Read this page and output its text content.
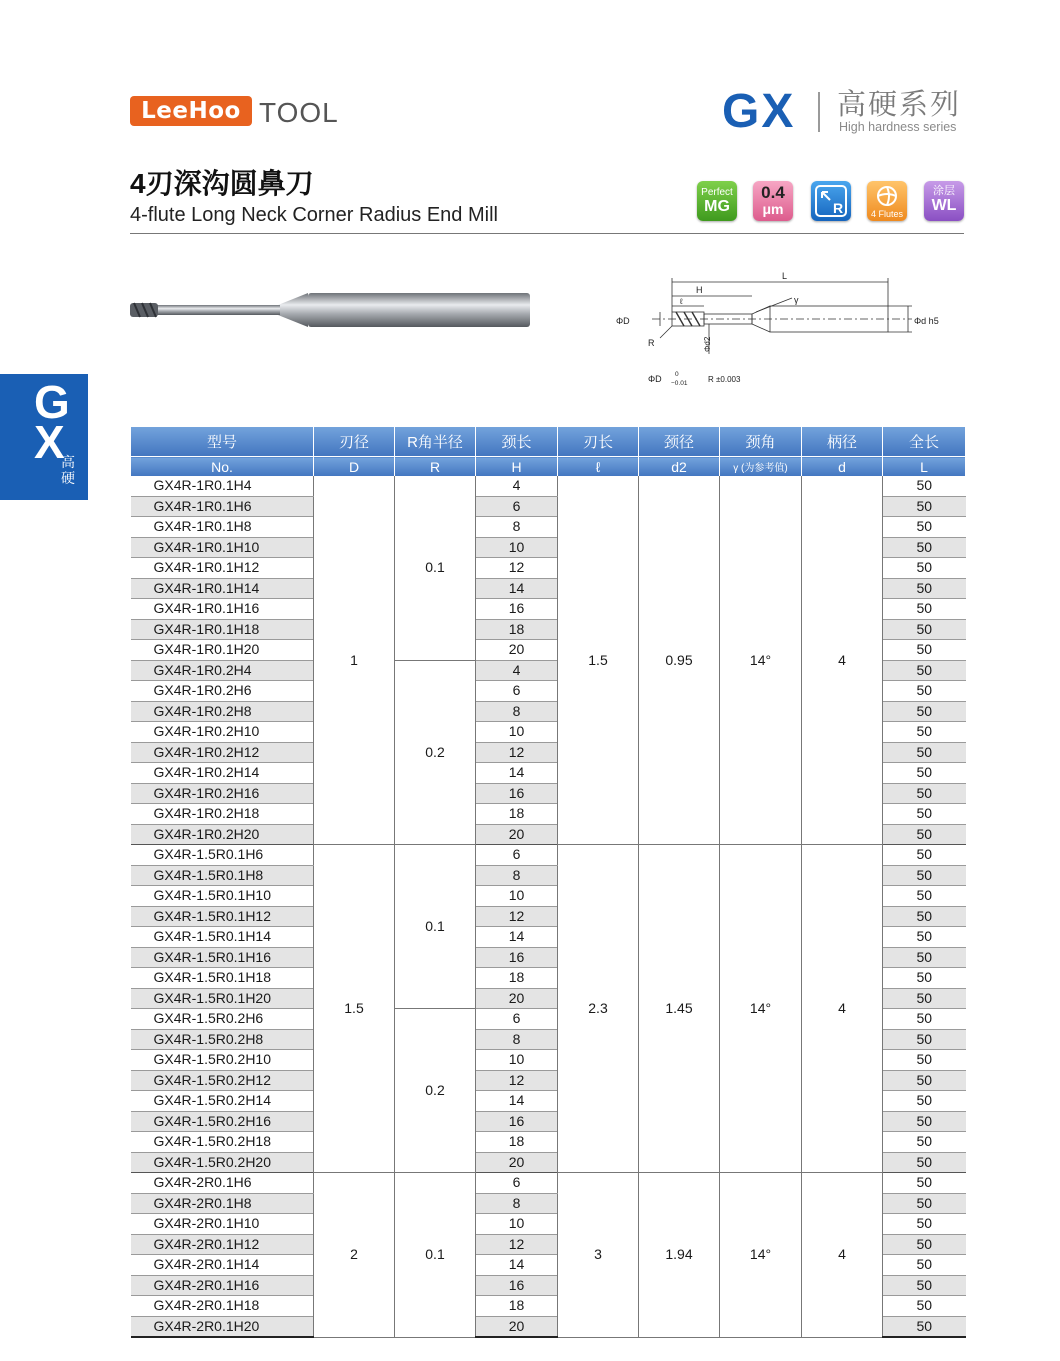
LeeHoo TOOL	GX 高硬系列
High hardness series
4刃深沟圆鼻刀
4-flute Long Neck Corner Radius End Mill
Perfect
MG
0.4
μm	R	4 Flutes
涂层
WL
L
H
ℓ	γ
ΦD
R	Φd2
Φd h5
ΦD 0
−0.01	R ±0.003
G
X
高硬
型号	刃径	R角半径	颈长	刃长	颈径	颈角	柄径	全长
No.	D	R	H	ℓ	d2	γ (为参考值)	d	L
GX4R-1R0.1H4	1	0.1	4	1.5	0.95	14°	4	50
GX4R-1R0.1H6			6					50
GX4R-1R0.1H8			8					50
GX4R-1R0.1H10			10					50
GX4R-1R0.1H12			12					50
GX4R-1R0.1H14			14					50
GX4R-1R0.1H16			16					50
GX4R-1R0.1H18			18					50
GX4R-1R0.1H20			20					50
GX4R-1R0.2H4		0.2	4					50
GX4R-1R0.2H6			6					50
GX4R-1R0.2H8			8					50
GX4R-1R0.2H10			10					50
GX4R-1R0.2H12			12					50
GX4R-1R0.2H14			14					50
GX4R-1R0.2H16			16					50
GX4R-1R0.2H18			18					50
GX4R-1R0.2H20			20					50
GX4R-1.5R0.1H6	1.5	0.1	6	2.3	1.45	14°	4	50
GX4R-1.5R0.1H8			8					50
GX4R-1.5R0.1H10			10					50
GX4R-1.5R0.1H12			12					50
GX4R-1.5R0.1H14			14					50
GX4R-1.5R0.1H16			16					50
GX4R-1.5R0.1H18			18					50
GX4R-1.5R0.1H20			20					50
GX4R-1.5R0.2H6		0.2	6					50
GX4R-1.5R0.2H8			8					50
GX4R-1.5R0.2H10			10					50
GX4R-1.5R0.2H12			12					50
GX4R-1.5R0.2H14			14					50
GX4R-1.5R0.2H16			16					50
GX4R-1.5R0.2H18			18					50
GX4R-1.5R0.2H20			20					50
GX4R-2R0.1H6	2	0.1	6	3	1.94	14°	4	50
GX4R-2R0.1H8			8					50
GX4R-2R0.1H10			10					50
GX4R-2R0.1H12			12					50
GX4R-2R0.1H14			14					50
GX4R-2R0.1H16			16					50
GX4R-2R0.1H18			18					50
GX4R-2R0.1H20			20					50
